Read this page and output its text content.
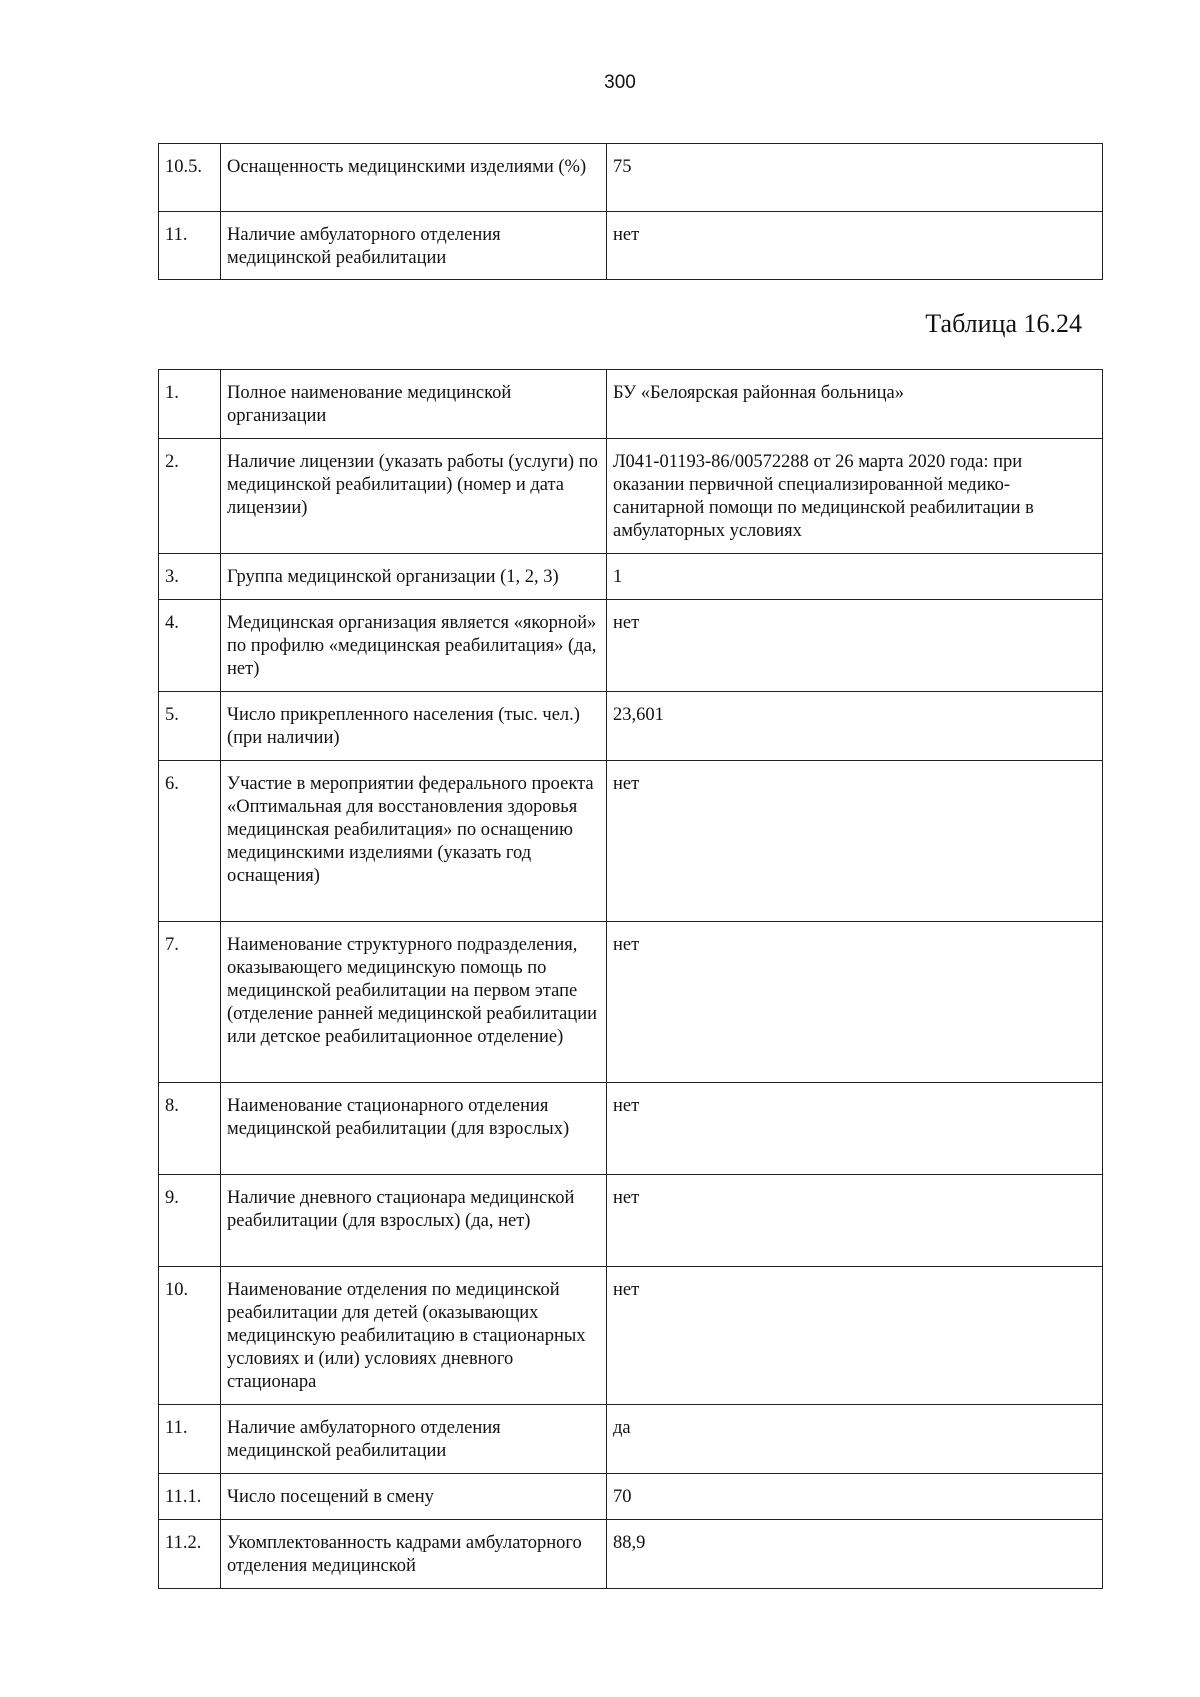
300
10.5.	Оснащенность медицинскими изделиями (%)	75
11.	Наличие амбулаторного отделения медицинской реабилитации	нет
Таблица 16.24
1.	Полное наименование медицинской организации	БУ «Белоярская районная больница»
2.	Наличие лицензии (указать работы (услуги) по медицинской реабилитации) (номер и дата лицензии)	Л041-01193-86/00572288 от 26 марта 2020 года: при оказании первичной специализированной медико-санитарной помощи по медицинской реабилитации в амбулаторных условиях
3.	Группа медицинской организации (1, 2, 3)	1
4.	Медицинская организация является «якорной» по профилю «медицинская реабилитация» (да, нет)	нет
5.	Число прикрепленного населения (тыс. чел.) (при наличии)	23,601
6.	Участие в мероприятии федерального проекта «Оптимальная для восстановления здоровья медицинская реабилитация» по оснащению медицинскими изделиями (указать год оснащения)	нет
7.	Наименование структурного подразделения, оказывающего медицинскую помощь по медицинской реабилитации на первом этапе (отделение ранней медицинской реабилитации или детское реабилитационное отделение)	нет
8.	Наименование стационарного отделения медицинской реабилитации (для взрослых)	нет
9.	Наличие дневного стационара медицинской реабилитации (для взрослых) (да, нет)	нет
10.	Наименование отделения по медицинской реабилитации для детей (оказывающих медицинскую реабилитацию в стационарных условиях и (или) условиях дневного стационара	нет
11.	Наличие амбулаторного отделения медицинской реабилитации	да
11.1.	Число посещений в смену	70
11.2.	Укомплектованность кадрами амбулаторного отделения медицинской	88,9
